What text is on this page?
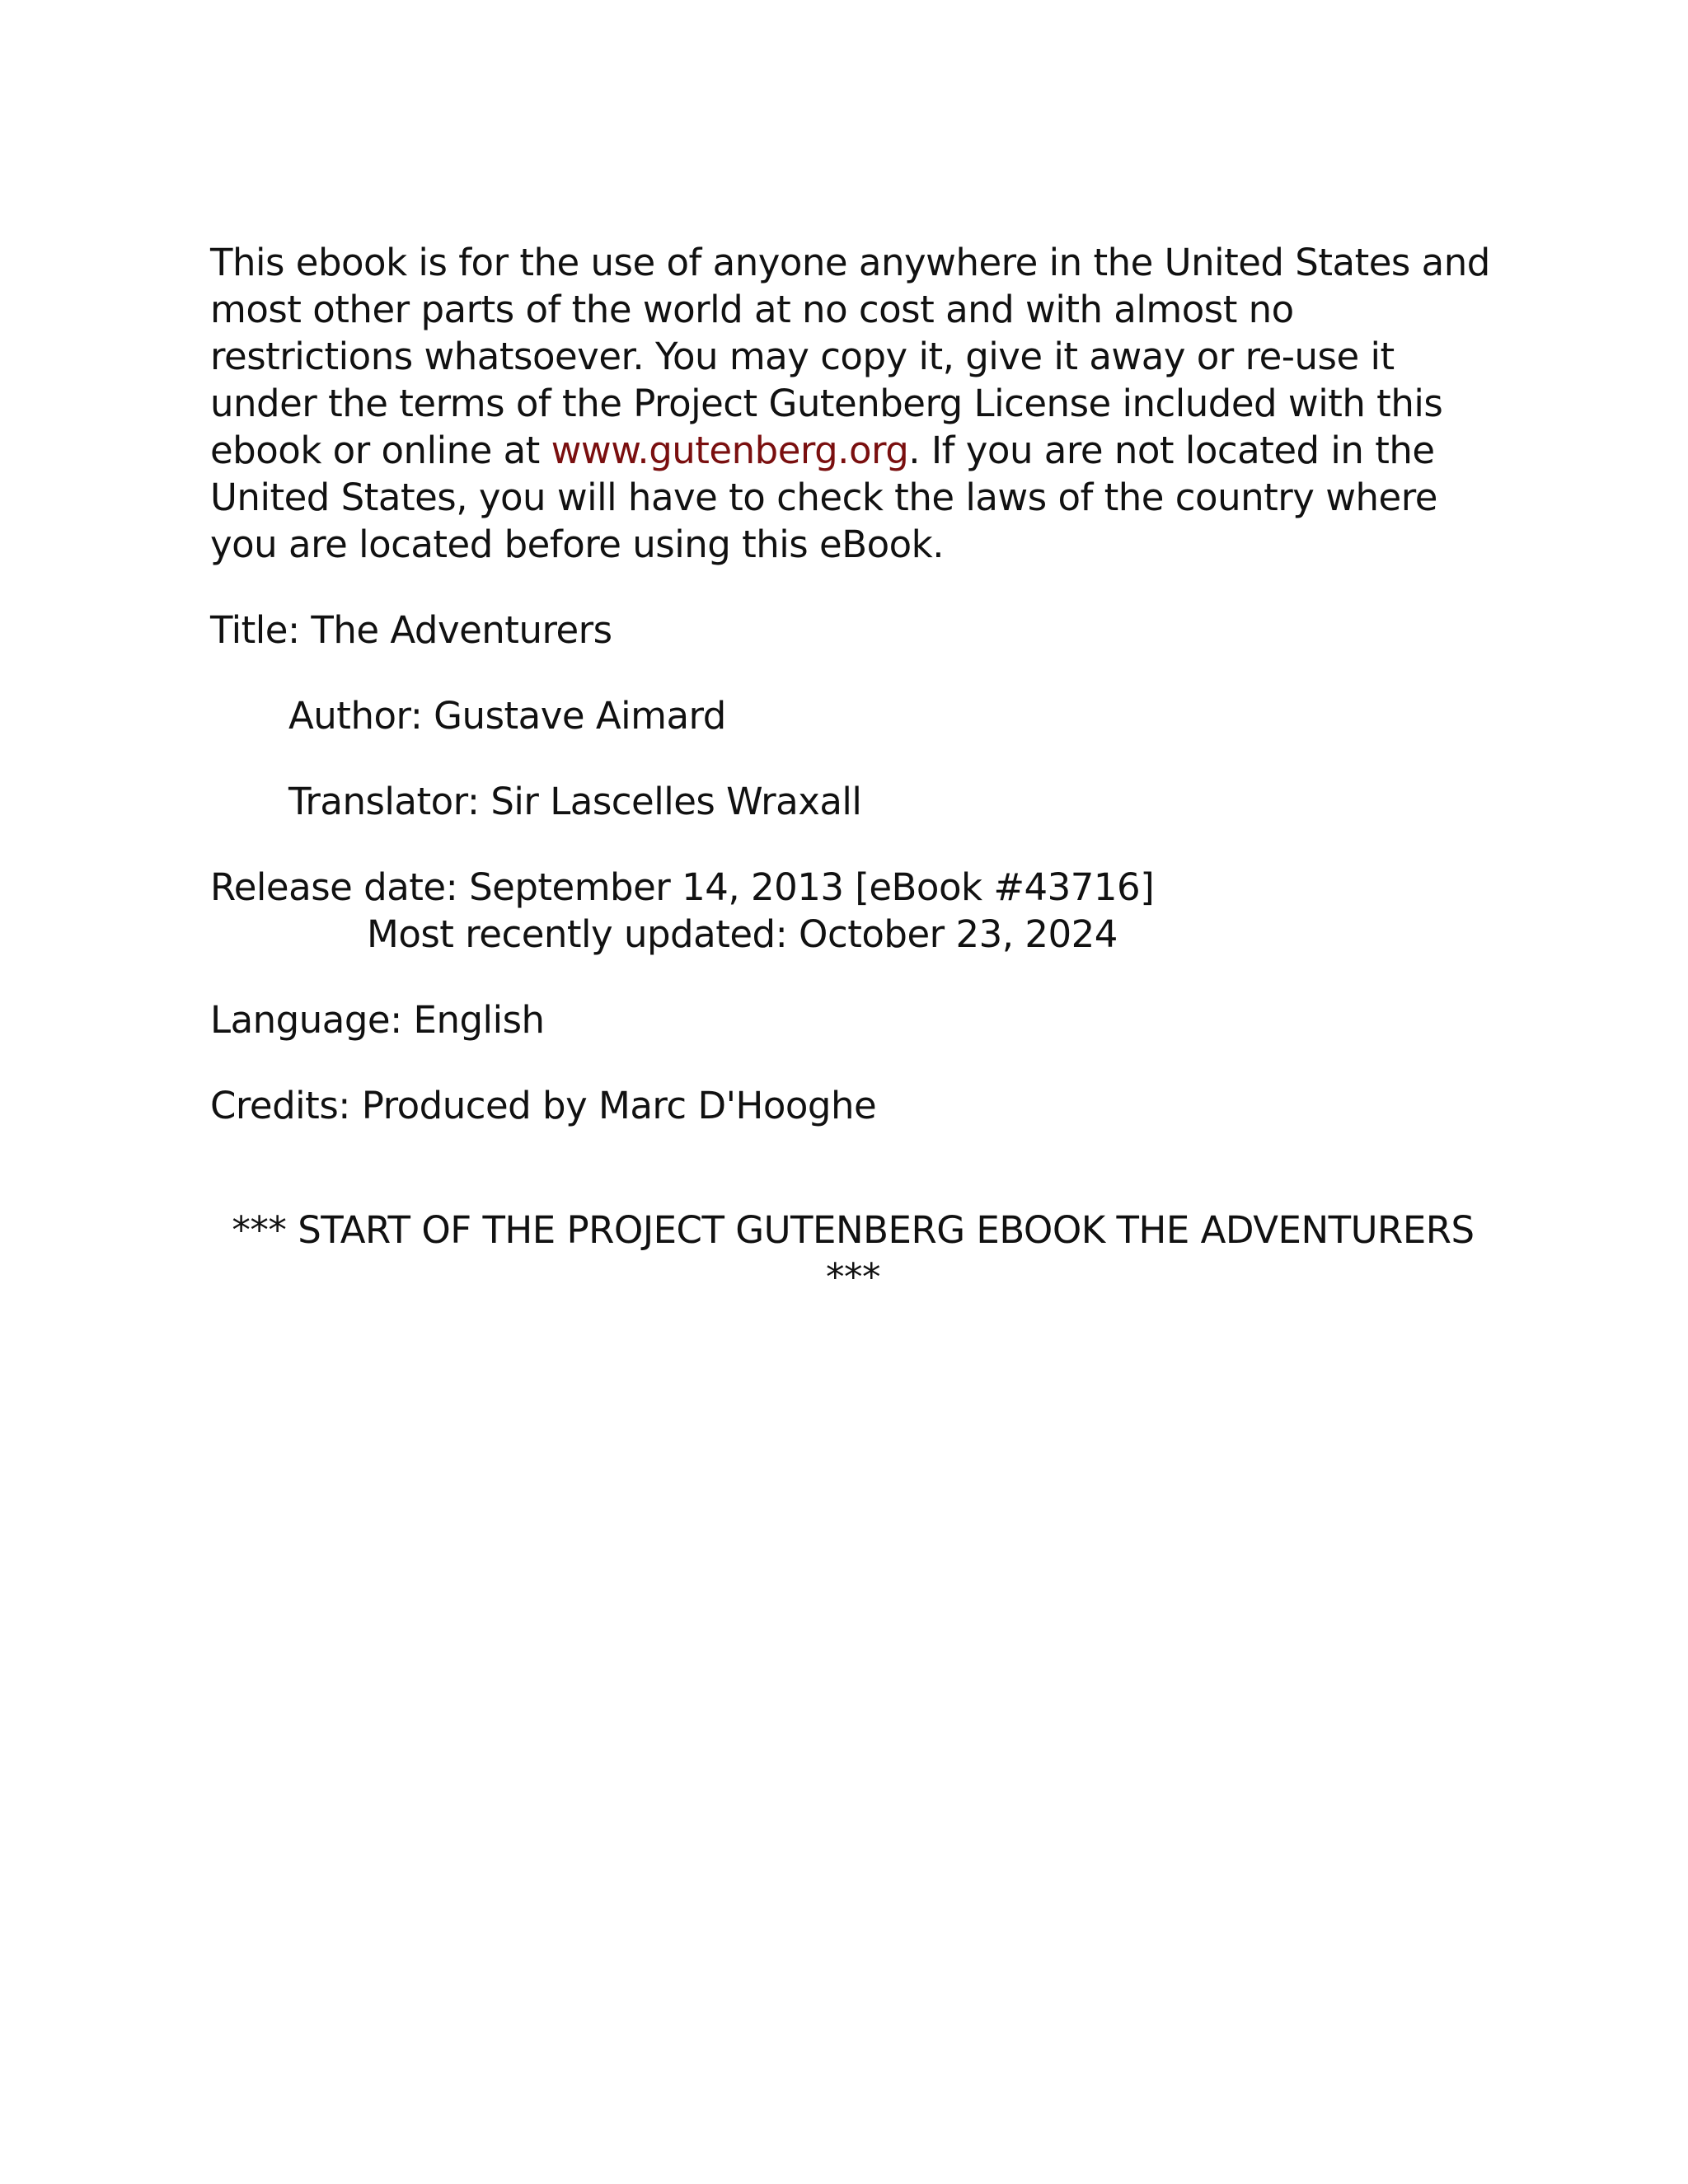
This ebook is for the use of anyone anywhere in the United States and most other parts of the world at no cost and with almost no restrictions whatsoever. You may copy it, give it away or re-use it under the terms of the Project Gutenberg License included with this ebook or online at www.gutenberg.org. If you are not located in the United States, you will have to check the laws of the country where you are located before using this eBook.

Title: The Adventurers
Author: Gustave Aimard
Translator: Sir Lascelles Wraxall
Release date: September 14, 2013 [eBook #43716]
Most recently updated: October 23, 2024
Language: English
Credits: Produced by Marc D'Hooghe
*** START OF THE PROJECT GUTENBERG EBOOK THE ADVENTURERS ***
